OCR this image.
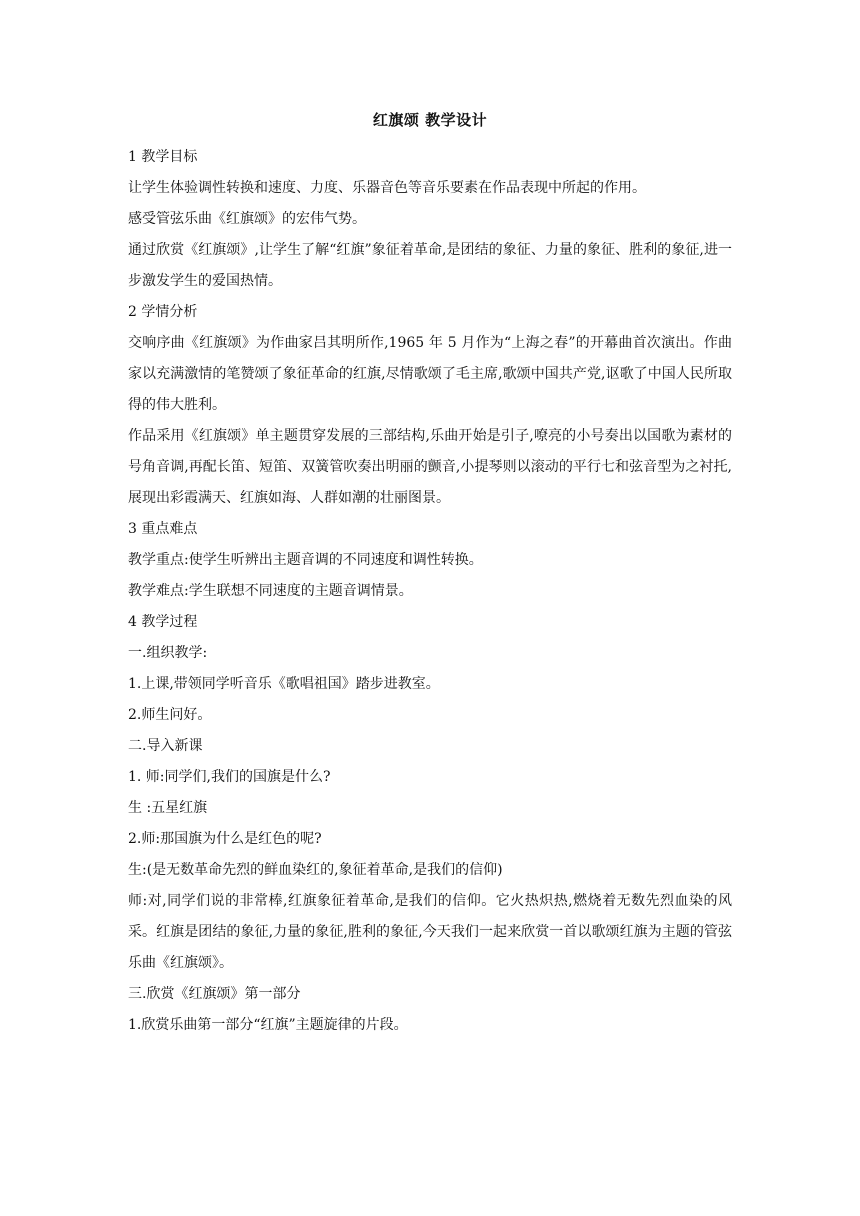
红旗颂 教学设计

1 教学目标

让学生体验调性转换和速度、力度、乐器音色等音乐要素在作品表现中所起的作用。

感受管弦乐曲《红旗颂》的宏伟气势。

通过欣赏《红旗颂》,让学生了解“红旗”象征着革命,是团结的象征、力量的象征、胜利的象征,进一步激发学生的爱国热情。

2 学情分析

交响序曲《红旗颂》为作曲家吕其明所作,1965 年 5 月作为“上海之春”的开幕曲首次演出。作曲家以充满激情的笔赞颂了象征革命的红旗,尽情歌颂了毛主席,歌颂中国共产党,讴歌了中国人民所取得的伟大胜利。

作品采用《红旗颂》单主题贯穿发展的三部结构,乐曲开始是引子,嘹亮的小号奏出以国歌为素材的号角音调,再配长笛、短笛、双簧管吹奏出明丽的颤音,小提琴则以滚动的平行七和弦音型为之衬托,展现出彩霞满天、红旗如海、人群如潮的壮丽图景。

3 重点难点

教学重点:使学生听辨出主题音调的不同速度和调性转换。

教学难点:学生联想不同速度的主题音调情景。

4 教学过程

一.组织教学:

1.上课,带领同学听音乐《歌唱祖国》踏步进教室。

2.师生问好。

二.导入新课

1. 师:同学们,我们的国旗是什么?

生 :五星红旗

2.师:那国旗为什么是红色的呢?

生:(是无数革命先烈的鲜血染红的,象征着革命,是我们的信仰)

师:对,同学们说的非常棒,红旗象征着革命,是我们的信仰。它火热炽热,燃烧着无数先烈血染的风采。红旗是团结的象征,力量的象征,胜利的象征,今天我们一起来欣赏一首以歌颂红旗为主题的管弦乐曲《红旗颂》。

三.欣赏《红旗颂》第一部分

1.欣赏乐曲第一部分“红旗”主题旋律的片段。
